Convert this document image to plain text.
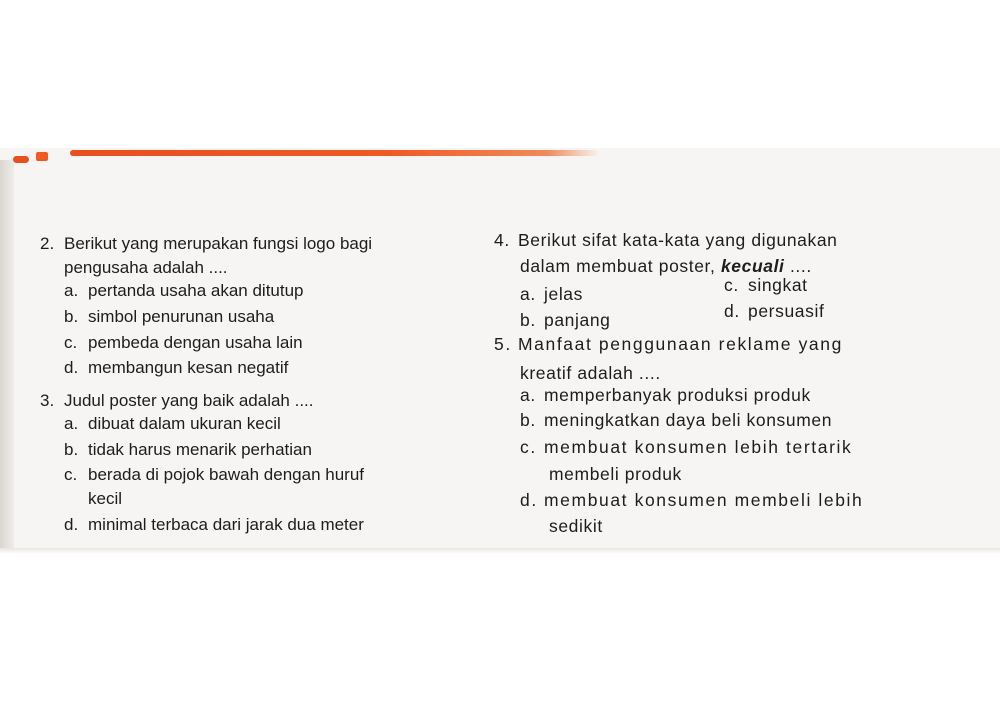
2. Berikut yang merupakan fungsi logo bagi
pengusaha adalah ....
a. pertanda usaha akan ditutup
b. simbol penurunan usaha
c. pembeda dengan usaha lain
d. membangun kesan negatif
3. Judul poster yang baik adalah ....
a. dibuat dalam ukuran kecil
b. tidak harus menarik perhatian
c. berada di pojok bawah dengan huruf
kecil
d. minimal terbaca dari jarak dua meter
4. Berikut sifat kata-kata yang digunakan
dalam membuat poster, kecuali ....
a. jelas
b. panjang
c. singkat
d. persuasif
5. Manfaat penggunaan reklame yang
kreatif adalah ....
a. memperbanyak produksi produk
b. meningkatkan daya beli konsumen
c. membuat konsumen lebih tertarik
membeli produk
d. membuat konsumen membeli lebih
sedikit
